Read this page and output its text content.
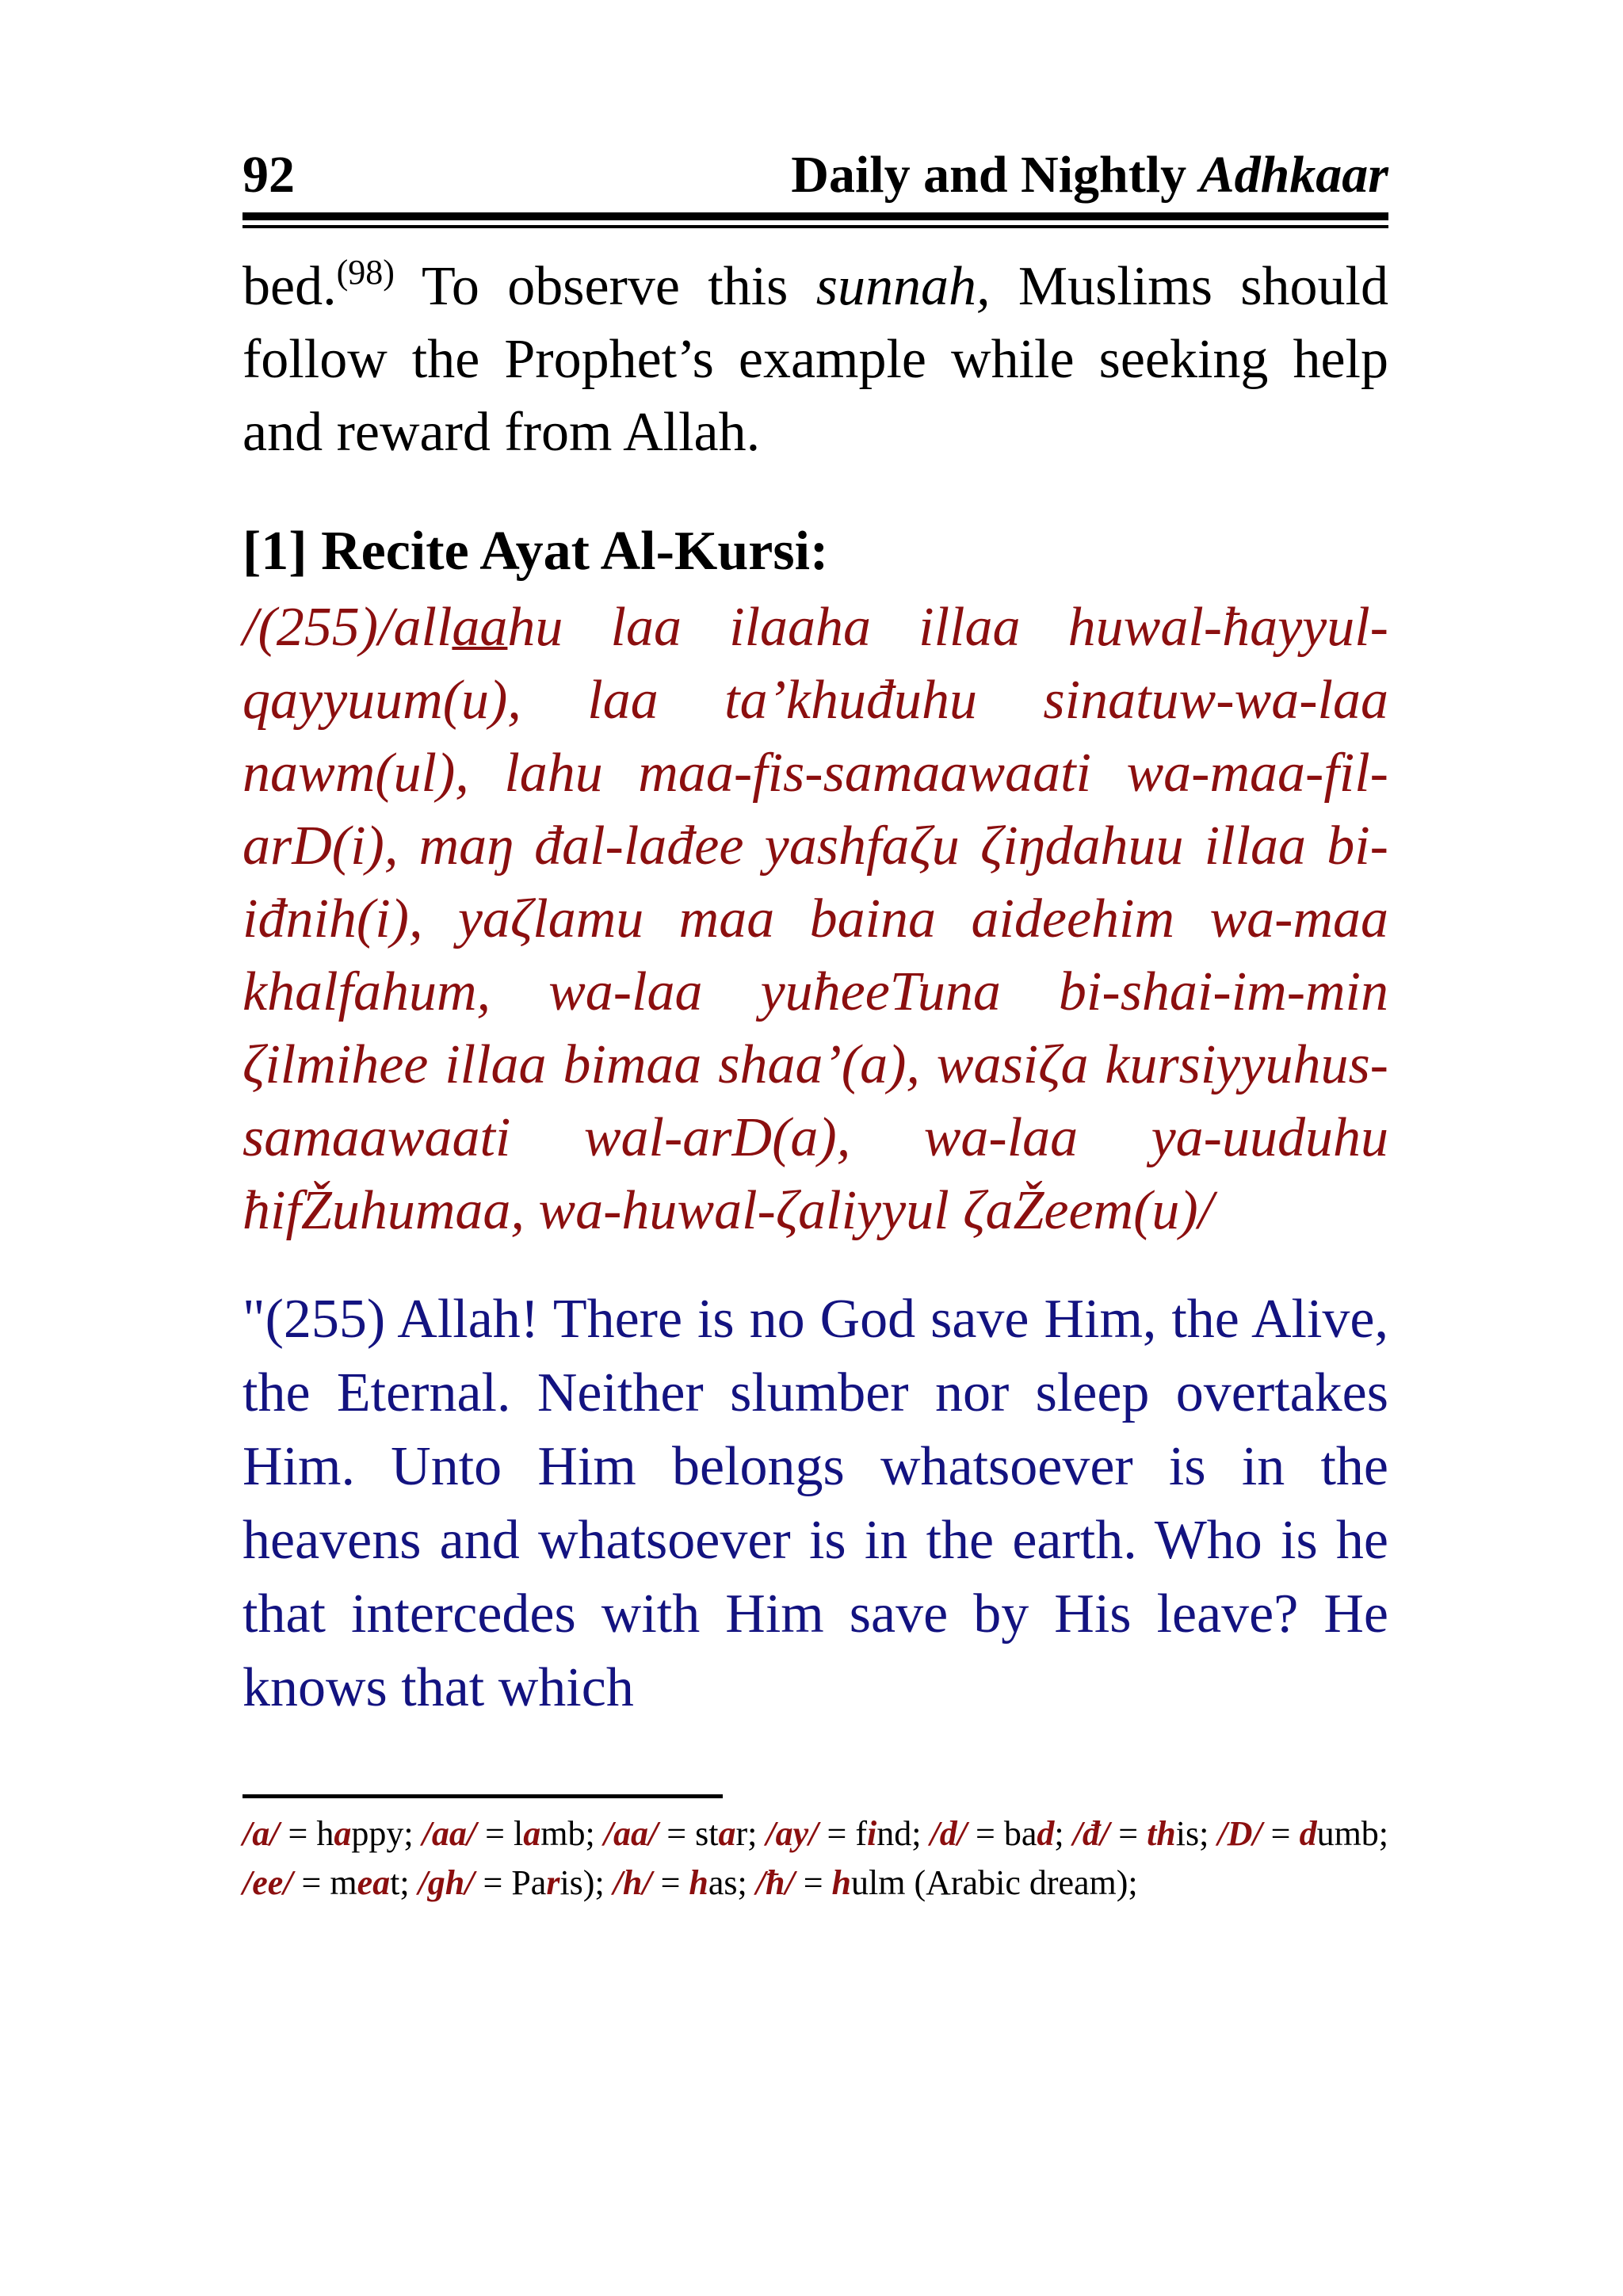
92	Daily and Nightly Adhkaar

bed.$^{(98)}$ To observe this sunnah, Muslims should follow the Prophet’s example while seeking help and reward from Allah.

[1] Recite Ayat Al-Kursi:

/(255)/allaahu laa ilaaha illaa huwal-ħayyul-qayyuum(u), laa ta’khuđuhu sinatuw-wa-laa nawm(ul), lahu maa-fis-samaawaati wa-maa-fil-arD(i), maŋ đal-lađee yashfaζu ζiŋdahuu illaa bi-iđnih(i), yaζlamu maa baina aideehim wa-maa khalfahum, wa-laa yuħeeTuna bi-shai-im-min ζilmihee illaa bimaa shaa’(a), wasiζa kursiyyuhus-samaawaati wal-arD(a), wa-laa ya-uuduhu ħifŽuhumaa, wa-huwal-ζaliyyul ζaŽeem(u)/

"(255) Allah! There is no God save Him, the Alive, the Eternal. Neither slumber nor sleep overtakes Him. Unto Him belongs whatsoever is in the heavens and whatsoever is in the earth. Who is he that intercedes with Him save by His leave? He knows that which

/a/ = happy; /aa/ = lamb; /aa/ = star; /ay/ = find; /d/ = bad; /đ/ = this; /D/ = dumb; /ee/ = meat; /gh/ = Paris); /h/ = has; /ħ/ = hulm (Arabic dream);
